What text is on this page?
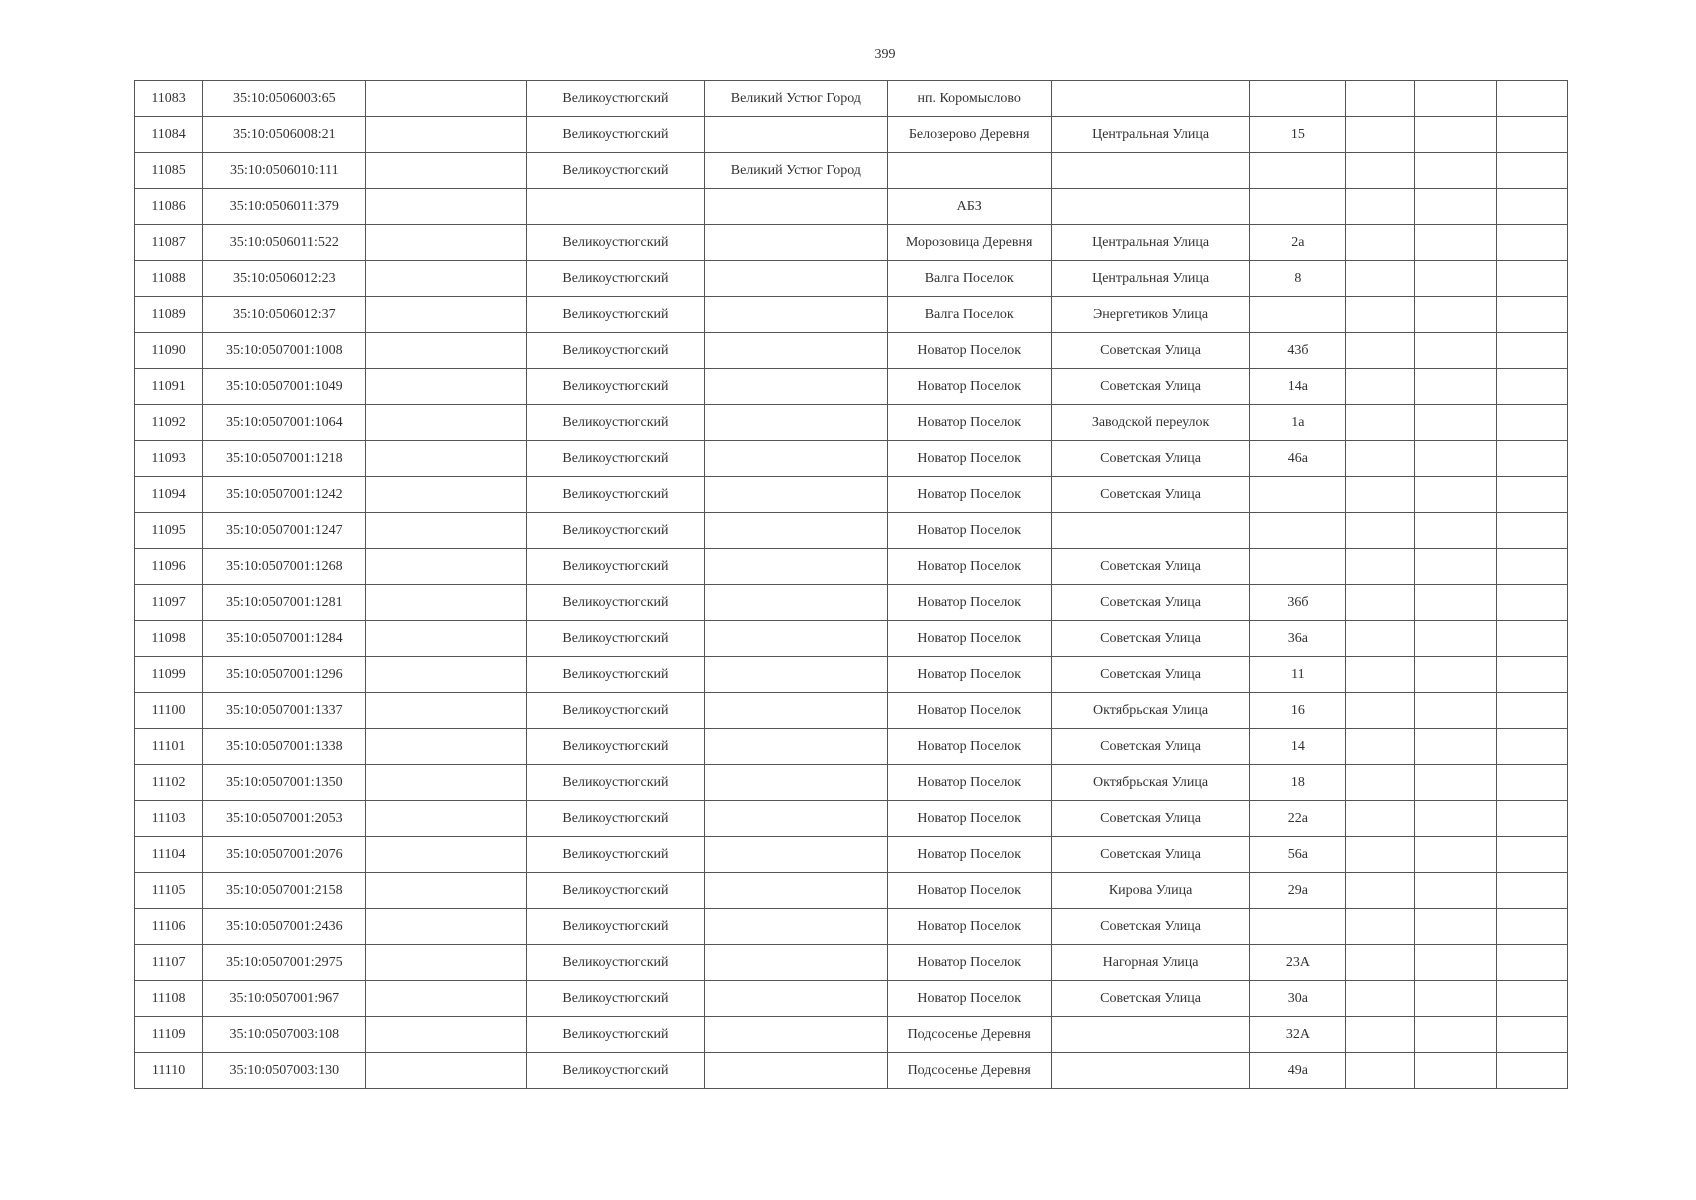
399
11083	35:10:0506003:65		Великоустюгский	Великий Устюг Город	нп. Коромыслово					
11084	35:10:0506008:21		Великоустюгский		Белозерово Деревня	Центральная Улица	15			
11085	35:10:0506010:111		Великоустюгский	Великий Устюг Город						
11086	35:10:0506011:379				АБЗ					
11087	35:10:0506011:522		Великоустюгский		Морозовица Деревня	Центральная Улица	2а			
11088	35:10:0506012:23		Великоустюгский		Валга Поселок	Центральная Улица	8			
11089	35:10:0506012:37		Великоустюгский		Валга Поселок	Энергетиков Улица				
11090	35:10:0507001:1008		Великоустюгский		Новатор Поселок	Советская Улица	43б			
11091	35:10:0507001:1049		Великоустюгский		Новатор Поселок	Советская Улица	14а			
11092	35:10:0507001:1064		Великоустюгский		Новатор Поселок	Заводской переулок	1а			
11093	35:10:0507001:1218		Великоустюгский		Новатор Поселок	Советская Улица	46а			
11094	35:10:0507001:1242		Великоустюгский		Новатор Поселок	Советская Улица				
11095	35:10:0507001:1247		Великоустюгский		Новатор Поселок					
11096	35:10:0507001:1268		Великоустюгский		Новатор Поселок	Советская Улица				
11097	35:10:0507001:1281		Великоустюгский		Новатор Поселок	Советская Улица	36б			
11098	35:10:0507001:1284		Великоустюгский		Новатор Поселок	Советская Улица	36а			
11099	35:10:0507001:1296		Великоустюгский		Новатор Поселок	Советская Улица	11			
11100	35:10:0507001:1337		Великоустюгский		Новатор Поселок	Октябрьская Улица	16			
11101	35:10:0507001:1338		Великоустюгский		Новатор Поселок	Советская Улица	14			
11102	35:10:0507001:1350		Великоустюгский		Новатор Поселок	Октябрьская Улица	18			
11103	35:10:0507001:2053		Великоустюгский		Новатор Поселок	Советская Улица	22а			
11104	35:10:0507001:2076		Великоустюгский		Новатор Поселок	Советская Улица	56а			
11105	35:10:0507001:2158		Великоустюгский		Новатор Поселок	Кирова Улица	29а			
11106	35:10:0507001:2436		Великоустюгский		Новатор Поселок	Советская Улица				
11107	35:10:0507001:2975		Великоустюгский		Новатор Поселок	Нагорная Улица	23А			
11108	35:10:0507001:967		Великоустюгский		Новатор Поселок	Советская Улица	30а			
11109	35:10:0507003:108		Великоустюгский		Подсосенье Деревня		32А			
11110	35:10:0507003:130		Великоустюгский		Подсосенье Деревня		49а			
